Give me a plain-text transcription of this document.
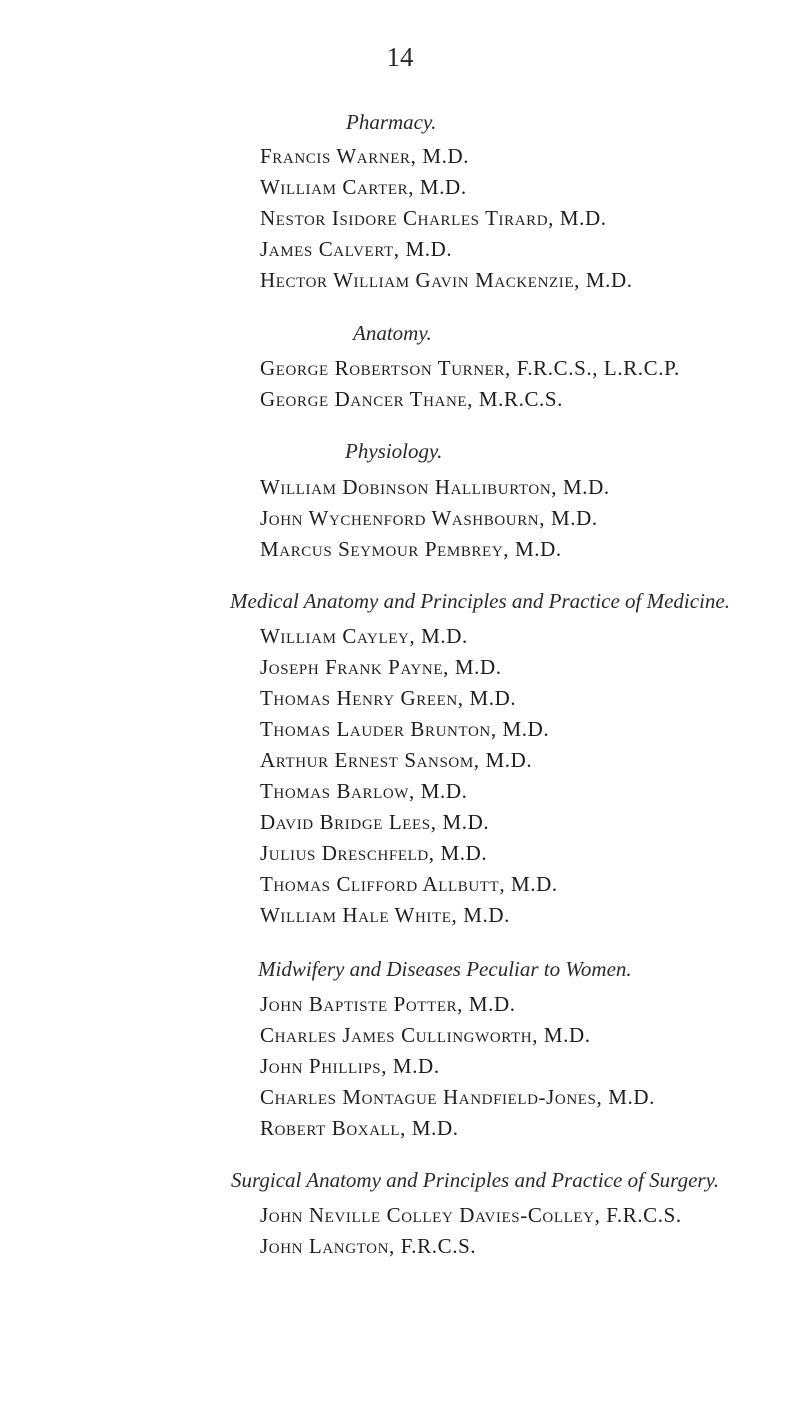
14
Pharmacy.
Francis Warner, M.D.
William Carter, M.D.
Nestor Isidore Charles Tirard, M.D.
James Calvert, M.D.
Hector William Gavin Mackenzie, M.D.
Anatomy.
George Robertson Turner, F.R.C.S., L.R.C.P.
George Dancer Thane, M.R.C.S.
Physiology.
William Dobinson Halliburton, M.D.
John Wychenford Washbourn, M.D.
Marcus Seymour Pembrey, M.D.
Medical Anatomy and Principles and Practice of Medicine.
William Cayley, M.D.
Joseph Frank Payne, M.D.
Thomas Henry Green, M.D.
Thomas Lauder Brunton, M.D.
Arthur Ernest Sansom, M.D.
Thomas Barlow, M.D.
David Bridge Lees, M.D.
Julius Dreschfeld, M.D.
Thomas Clifford Allbutt, M.D.
William Hale White, M.D.
Midwifery and Diseases Peculiar to Women.
John Baptiste Potter, M.D.
Charles James Cullingworth, M.D.
John Phillips, M.D.
Charles Montague Handfield-Jones, M.D.
Robert Boxall, M.D.
Surgical Anatomy and Principles and Practice of Surgery.
John Neville Colley Davies-Colley, F.R.C.S.
John Langton, F.R.C.S.
